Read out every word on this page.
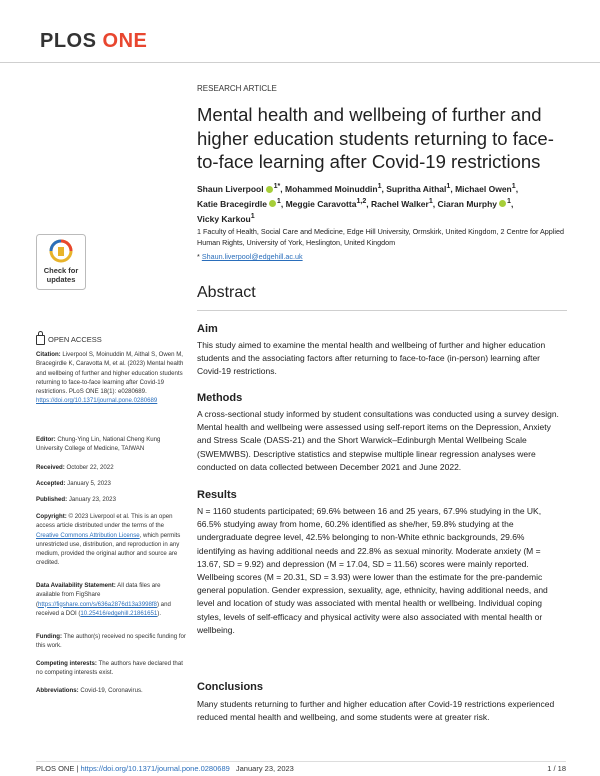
PLOS ONE
RESEARCH ARTICLE
Mental health and wellbeing of further and higher education students returning to face-to-face learning after Covid-19 restrictions
Shaun Liverpool $^{1*}$, Mohammed Moinuddin$^1$, Supritha Aithal$^1$, Michael Owen$^1$,
Katie Bracegirdle $^1$, Meggie Caravotta$^{1,2}$, Rachel Walker$^1$, Ciaran Murphy $^1$,
Vicky Karkou$^1$
1 Faculty of Health, Social Care and Medicine, Edge Hill University, Ormskirk, United Kingdom, 2 Centre for Applied Human Rights, University of York, Heslington, United Kingdom
* Shaun.liverpool@edgehill.ac.uk
Abstract
Aim

This study aimed to examine the mental health and wellbeing of further and higher education students and the associating factors after returning to face-to-face (in-person) learning after Covid-19 restrictions.

Methods

A cross-sectional study informed by student consultations was conducted using a survey design. Mental health and wellbeing were assessed using self-report items on the Depression, Anxiety and Stress Scale (DASS-21) and the Short Warwick–Edinburgh Mental Wellbeing Scale (SWEMWBS). Descriptive statistics and stepwise multiple linear regression analyses were conducted on data collected between December 2021 and June 2022.

Results

N = 1160 students participated; 69.6% between 16 and 25 years, 67.9% studying in the UK, 66.5% studying away from home, 60.2% identified as she/her, 59.8% studying at the undergraduate degree level, 42.5% belonging to non-White ethnic backgrounds, 29.6% identifying as having additional needs and 22.8% as sexual minority. Moderate anxiety (M = 13.67, SD = 9.92) and depression (M = 17.04, SD = 11.56) scores were mainly reported. Wellbeing scores (M = 20.31, SD = 3.93) were lower than the estimate for the pre-pandemic general population. Gender expression, sexuality, age, ethnicity, having additional needs, and level and location of study was associated with mental health or wellbeing. Individual coping styles, levels of self-efficacy and physical activity were also associated with mental health or wellbeing.

Conclusions

Many students returning to further and higher education after Covid-19 restrictions experienced reduced mental health and wellbeing, and some students were at greater risk.

Check for
updates
OPEN ACCESS

Citation: Liverpool S, Moinuddin M, Aithal S, Owen M, Bracegirdle K, Caravotta M, et al. (2023) Mental health and wellbeing of further and higher education students returning to face-to-face learning after Covid-19 restrictions. PLoS ONE 18(1): e0280689. https://doi.org/10.1371/journal.pone.0280689

Editor: Chung-Ying Lin, National Cheng Kung University College of Medicine, TAIWAN

Received: October 22, 2022

Accepted: January 5, 2023

Published: January 23, 2023

Copyright: © 2023 Liverpool et al. This is an open access article distributed under the terms of the Creative Commons Attribution License, which permits unrestricted use, distribution, and reproduction in any medium, provided the original author and source are credited.

Data Availability Statement: All data files are available from FigShare (https://figshare.com/s/636a2876d13a3998f8) and received a DOI (10.25416/edgehill.21861651).

Funding: The author(s) received no specific funding for this work.

Competing interests: The authors have declared that no competing interests exist.

Abbreviations: Covid-19, Coronavirus.

PLOS ONE | https://doi.org/10.1371/journal.pone.0280689 January 23, 2023	1 / 18
